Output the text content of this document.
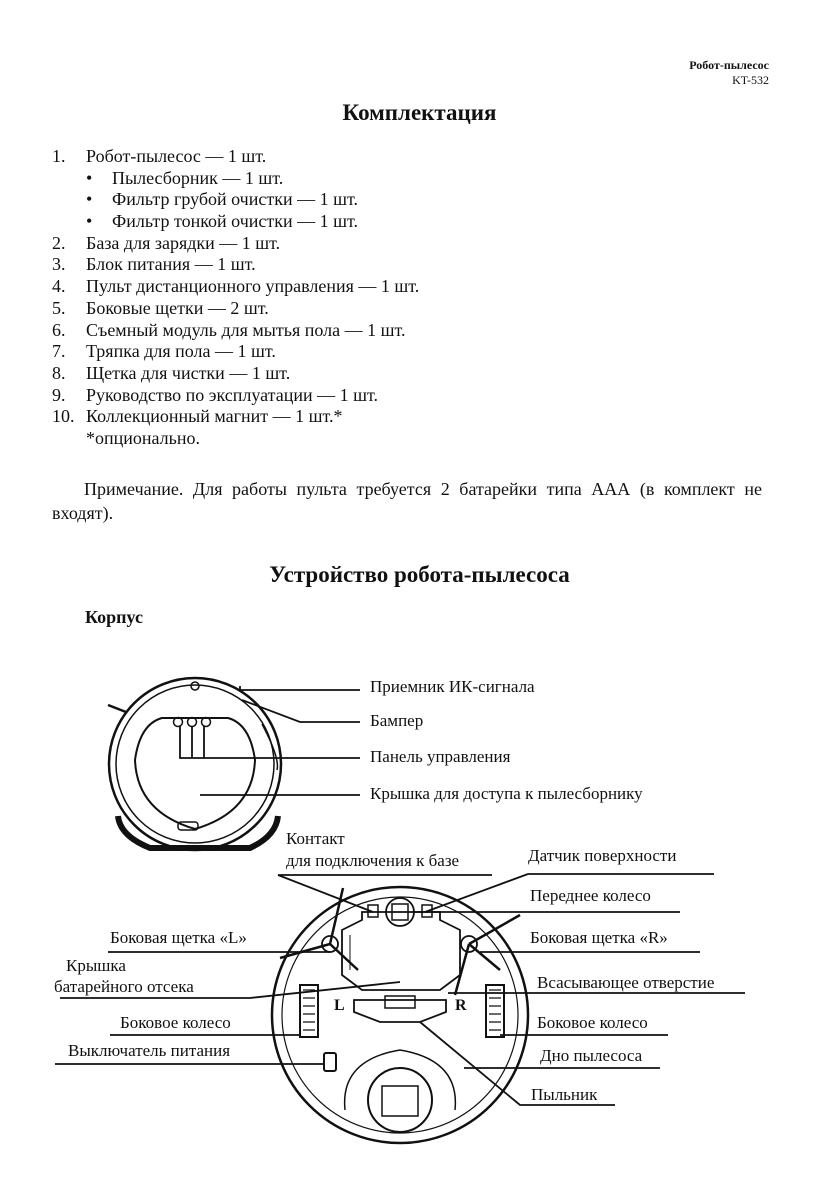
Робот-пылесос
KT-532
Комплектация
1. Робот-пылесос — 1 шт.
• Пылесборник — 1 шт.
• Фильтр грубой очистки — 1 шт.
• Фильтр тонкой очистки — 1 шт.
2. База для зарядки — 1 шт.
3. Блок питания — 1 шт.
4. Пульт дистанционного управления — 1 шт.
5. Боковые щетки — 2 шт.
6. Съемный модуль для мытья пола — 1 шт.
7. Тряпка для пола — 1 шт.
8. Щетка для чистки — 1 шт.
9. Руководство по эксплуатации — 1 шт.
10. Коллекционный магнит — 1 шт.*
*опционально.
Примечание. Для работы пульта требуется 2 батарейки типа ААА (в комплект не входят).
Устройство робота-пылесоса
Корпус
L	R
Приемник ИК-сигнала
Бампер
Панель управления
Крышка для доступа к пылесборнику
Контакт
для подключения к базе	Датчик поверхности
Переднее колесо
Боковая щетка «L»	Боковая щетка «R»
Крышка
батарейного отсека	Всасывающее отверстие
Боковое колесо	Боковое колесо
Выключатель питания	Дно пылесоса
Пыльник
